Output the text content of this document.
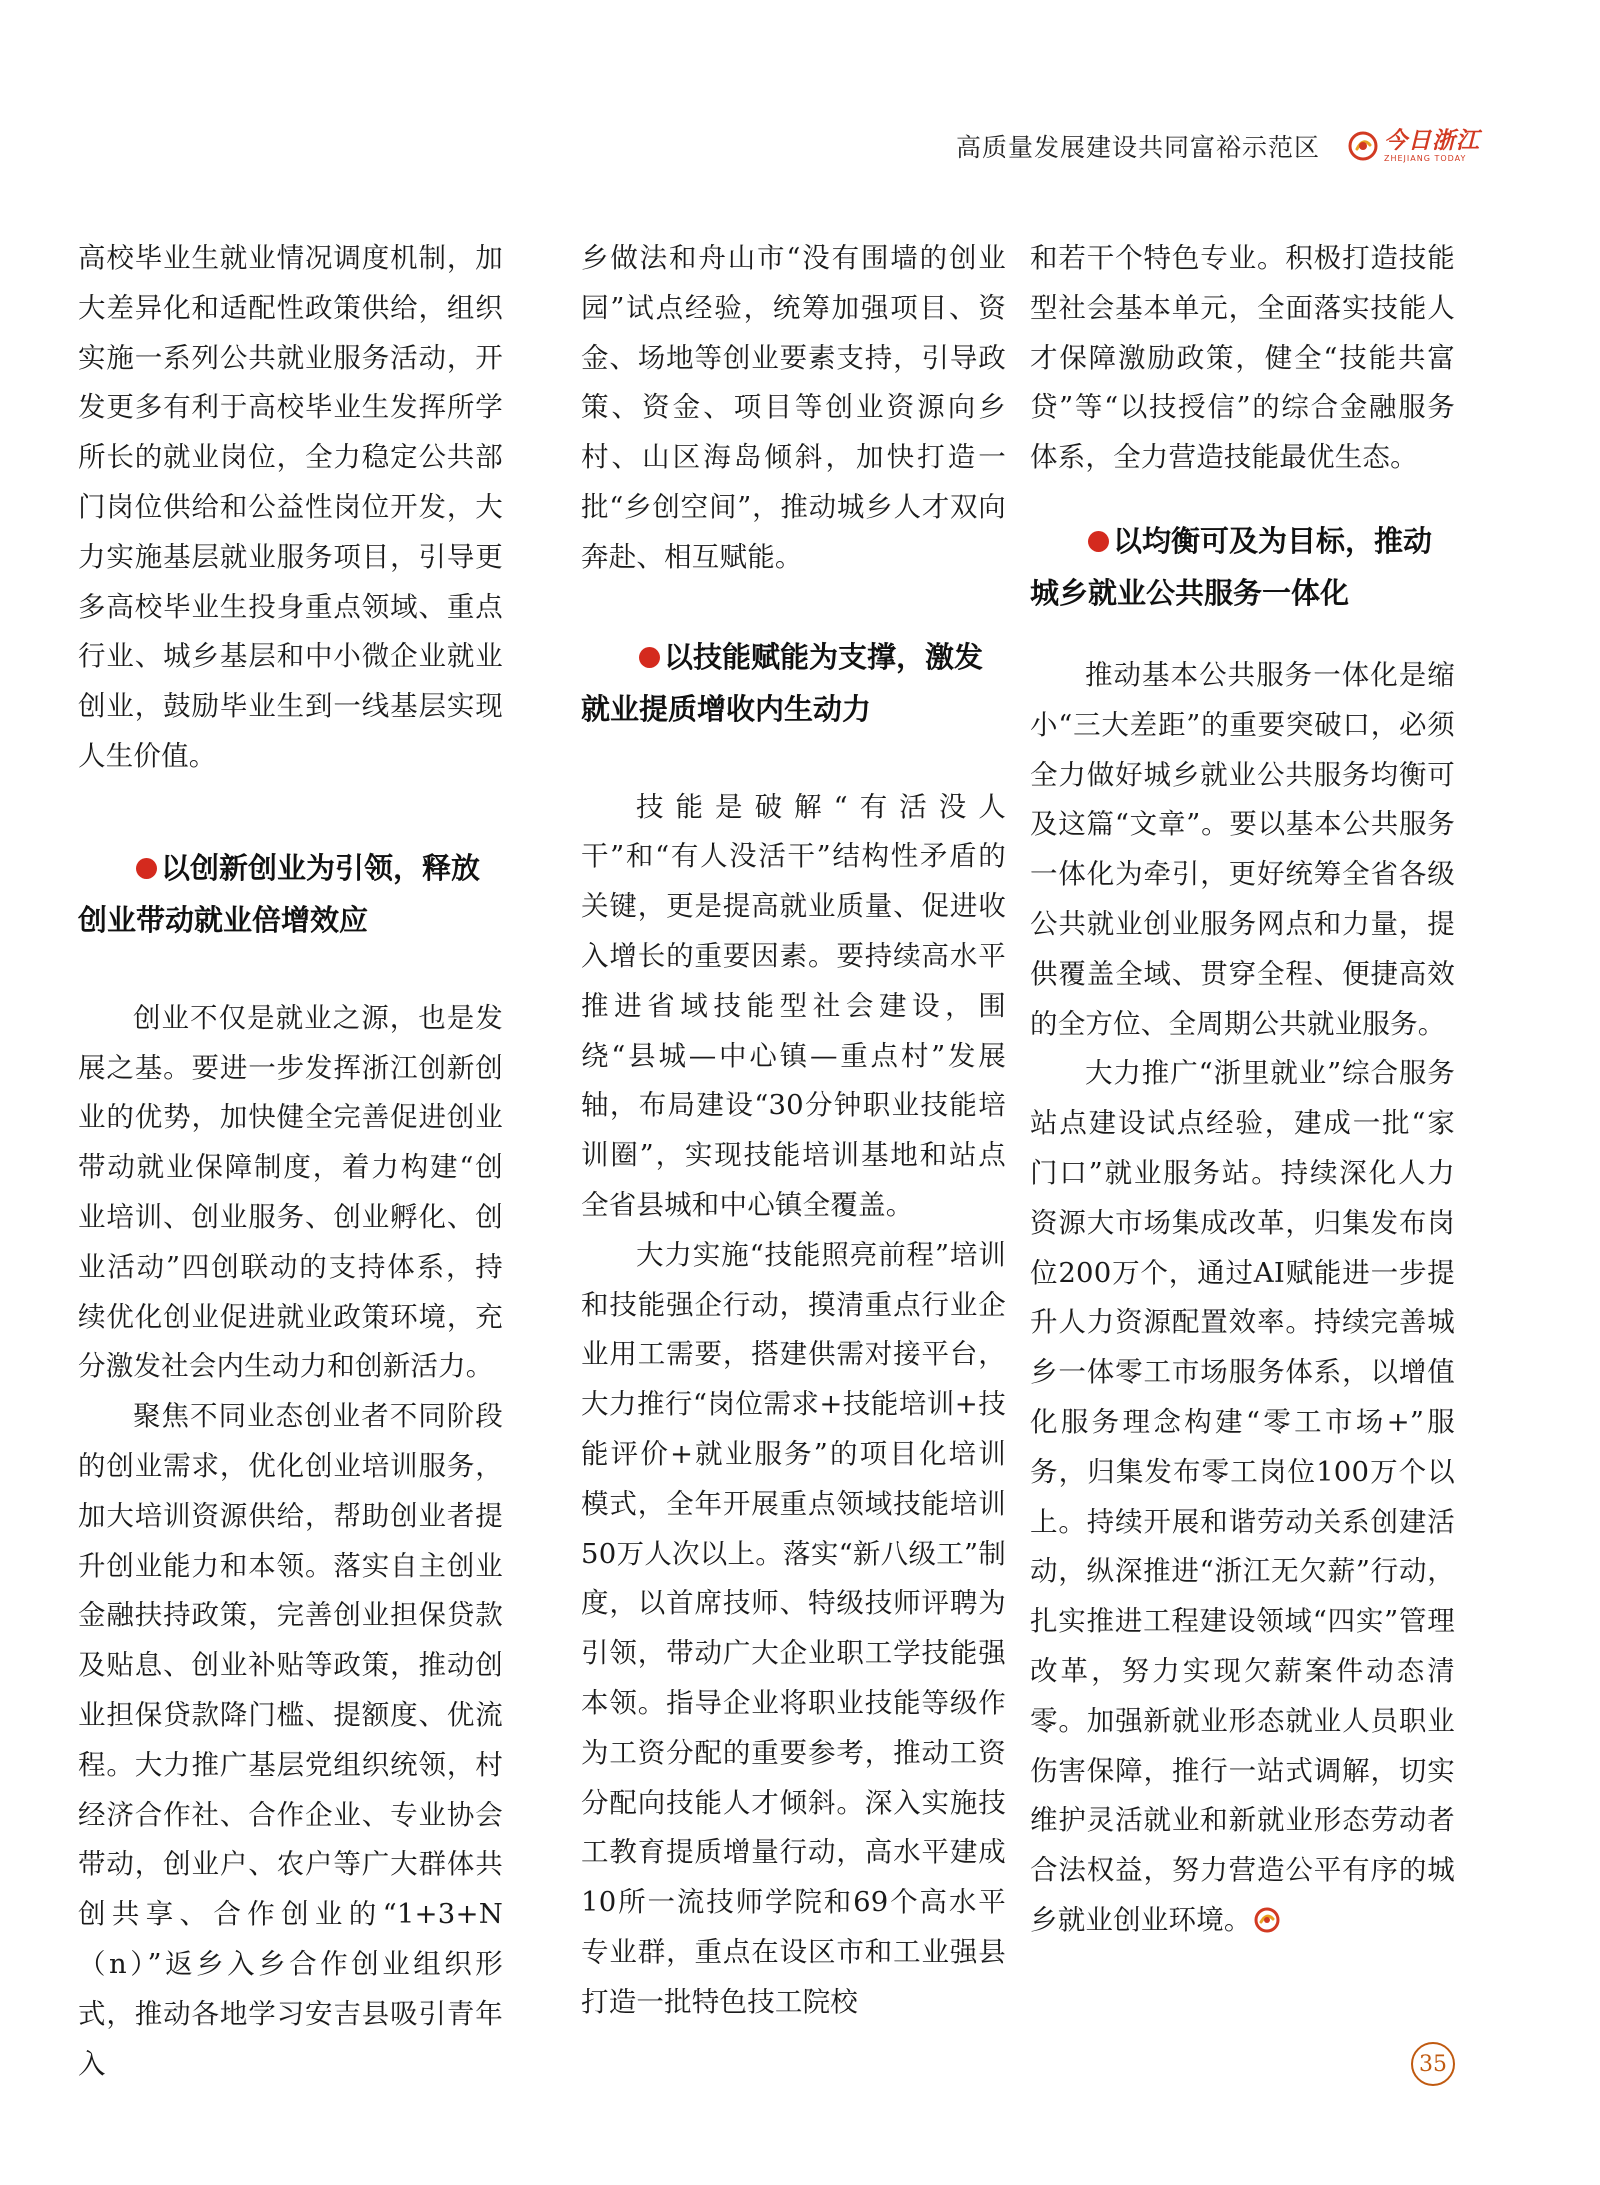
高质量发展建设共同富裕示范区	今日浙江
ZHEJIANG TODAY

高校毕业生就业情况调度机制，加大差异化和适配性政策供给，组织实施一系列公共就业服务活动，开发更多有利于高校毕业生发挥所学所长的就业岗位，全力稳定公共部门岗位供给和公益性岗位开发，大力实施基层就业服务项目，引导更多高校毕业生投身重点领域、重点行业、城乡基层和中小微企业就业创业，鼓励毕业生到一线基层实现人生价值。

以创新创业为引领，释放创业带动就业倍增效应

创业不仅是就业之源，也是发展之基。要进一步发挥浙江创新创业的优势，加快健全完善促进创业带动就业保障制度，着力构建“创业培训、创业服务、创业孵化、创业活动”四创联动的支持体系，持续优化创业促进就业政策环境，充分激发社会内生动力和创新活力。

聚焦不同业态创业者不同阶段的创业需求，优化创业培训服务，加大培训资源供给，帮助创业者提升创业能力和本领。落实自主创业金融扶持政策，完善创业担保贷款及贴息、创业补贴等政策，推动创业担保贷款降门槛、提额度、优流程。大力推广基层党组织统领，村经济合作社、合作企业、专业协会带动，创业户、农户等广大群体共创共享、合作创业的“1+3+N（n）”返乡入乡合作创业组织形式，推动各地学习安吉县吸引青年入

乡做法和舟山市“没有围墙的创业园”试点经验，统筹加强项目、资金、场地等创业要素支持，引导政策、资金、项目等创业资源向乡村、山区海岛倾斜，加快打造一批“乡创空间”，推动城乡人才双向奔赴、相互赋能。

以技能赋能为支撑，激发就业提质增收内生动力

技能是破解“有活没人干”和“有人没活干”结构性矛盾的关键，更是提高就业质量、促进收入增长的重要因素。要持续高水平推进省域技能型社会建设，围绕“县城—中心镇—重点村”发展轴，布局建设“30分钟职业技能培训圈”，实现技能培训基地和站点全省县城和中心镇全覆盖。

大力实施“技能照亮前程”培训和技能强企行动，摸清重点行业企业用工需要，搭建供需对接平台，大力推行“岗位需求+技能培训+技能评价+就业服务”的项目化培训模式，全年开展重点领域技能培训50万人次以上。落实“新八级工”制度，以首席技师、特级技师评聘为引领，带动广大企业职工学技能强本领。指导企业将职业技能等级作为工资分配的重要参考，推动工资分配向技能人才倾斜。深入实施技工教育提质增量行动，高水平建成10所一流技师学院和69个高水平专业群，重点在设区市和工业强县打造一批特色技工院校

和若干个特色专业。积极打造技能型社会基本单元，全面落实技能人才保障激励政策，健全“技能共富贷”等“以技授信”的综合金融服务体系，全力营造技能最优生态。

以均衡可及为目标，推动城乡就业公共服务一体化

推动基本公共服务一体化是缩小“三大差距”的重要突破口，必须全力做好城乡就业公共服务均衡可及这篇“文章”。要以基本公共服务一体化为牵引，更好统筹全省各级公共就业创业服务网点和力量，提供覆盖全域、贯穿全程、便捷高效的全方位、全周期公共就业服务。

大力推广“浙里就业”综合服务站点建设试点经验，建成一批“家门口”就业服务站。持续深化人力资源大市场集成改革，归集发布岗位200万个，通过AI赋能进一步提升人力资源配置效率。持续完善城乡一体零工市场服务体系，以增值化服务理念构建“零工市场+”服务，归集发布零工岗位100万个以上。持续开展和谐劳动关系创建活动，纵深推进“浙江无欠薪”行动，扎实推进工程建设领域“四实”管理改革，努力实现欠薪案件动态清零。加强新就业形态就业人员职业伤害保障，推行一站式调解，切实维护灵活就业和新就业形态劳动者合法权益，努力营造公平有序的城乡就业创业环境。

35
